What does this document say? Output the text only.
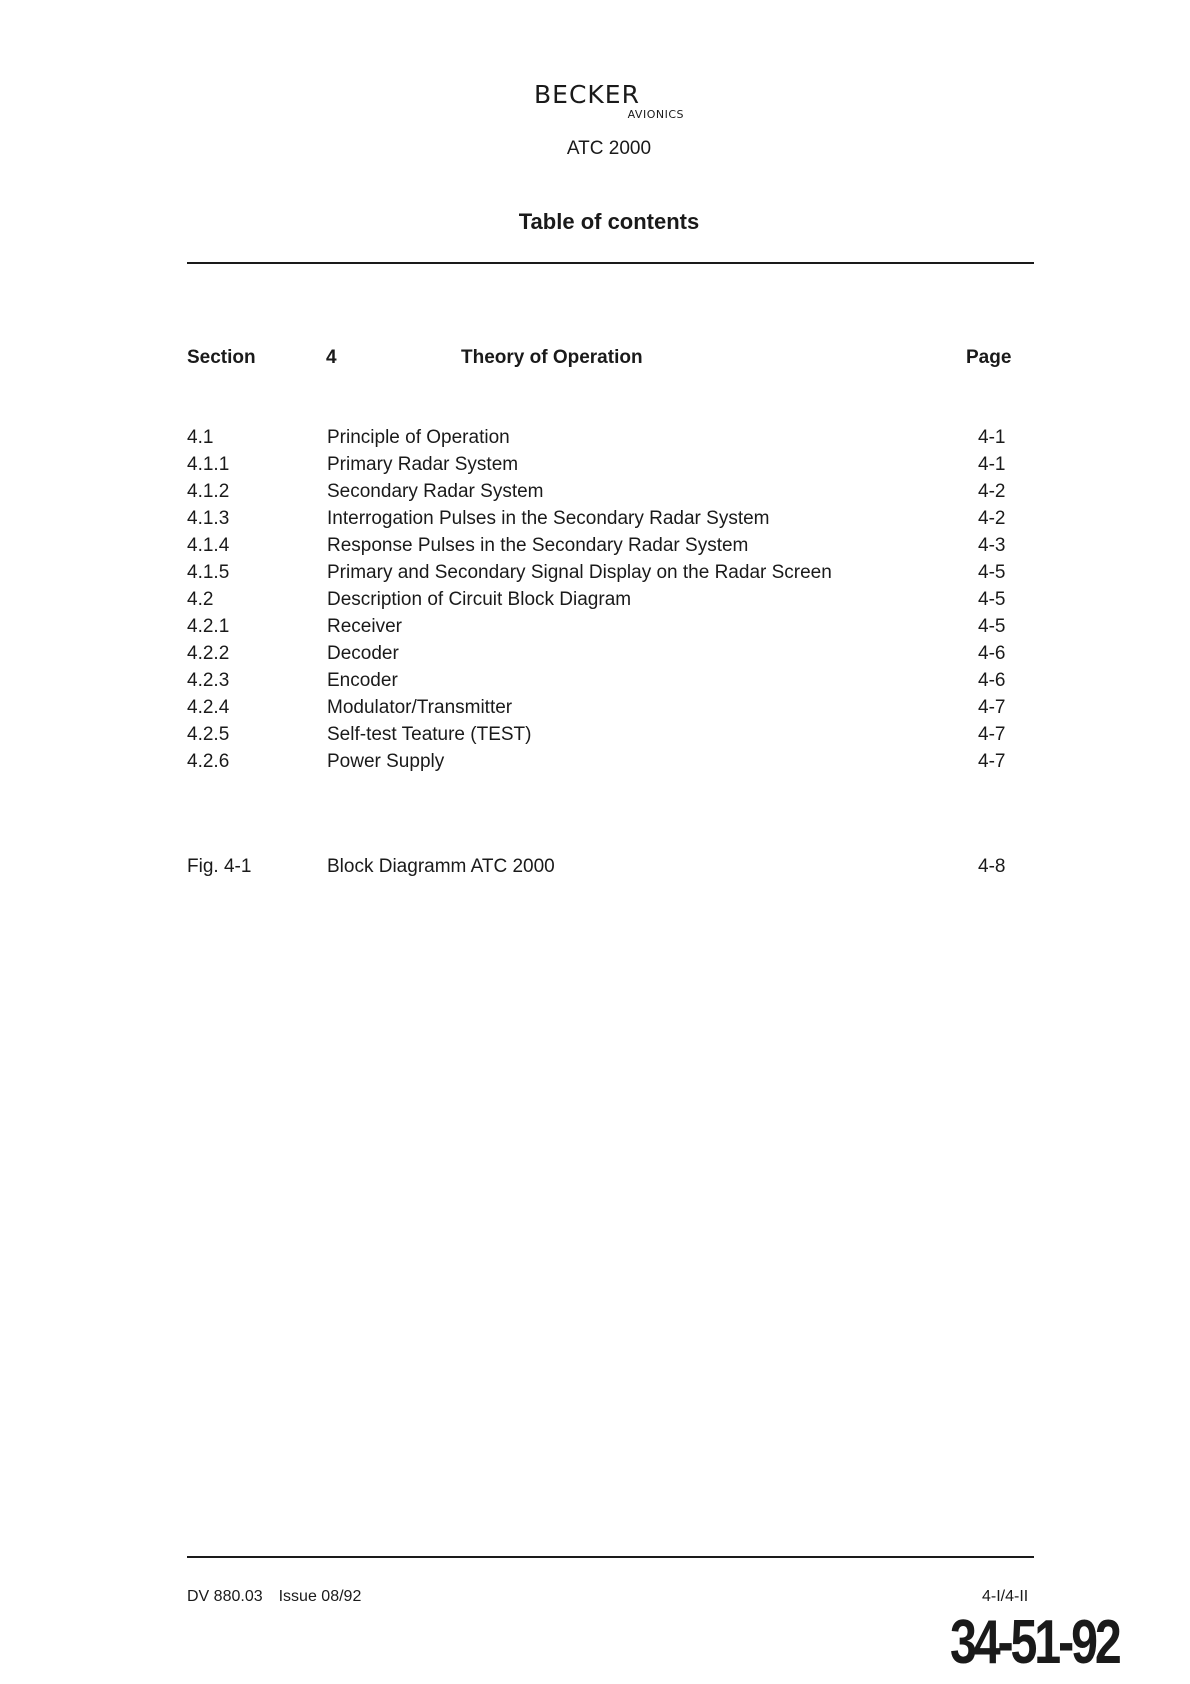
BECKER
AVIONICS
ATC 2000
Table of contents
Section	4	Theory of Operation	Page
4.1	Principle of Operation	4-1
4.1.1	Primary Radar System	4-1
4.1.2	Secondary Radar System	4-2
4.1.3	Interrogation Pulses in the Secondary Radar System	4-2
4.1.4	Response Pulses in the Secondary Radar System	4-3
4.1.5	Primary and Secondary Signal Display on the Radar Screen	4-5
4.2	Description of Circuit Block Diagram	4-5
4.2.1	Receiver	4-5
4.2.2	Decoder	4-6
4.2.3	Encoder	4-6
4.2.4	Modulator/Transmitter	4-7
4.2.5	Self-test Teature (TEST)	4-7
4.2.6	Power Supply	4-7
Fig. 4-1	Block Diagramm ATC 2000	4-8
DV 880.03 Issue 08/92	4-I/4-II
34-51-92
